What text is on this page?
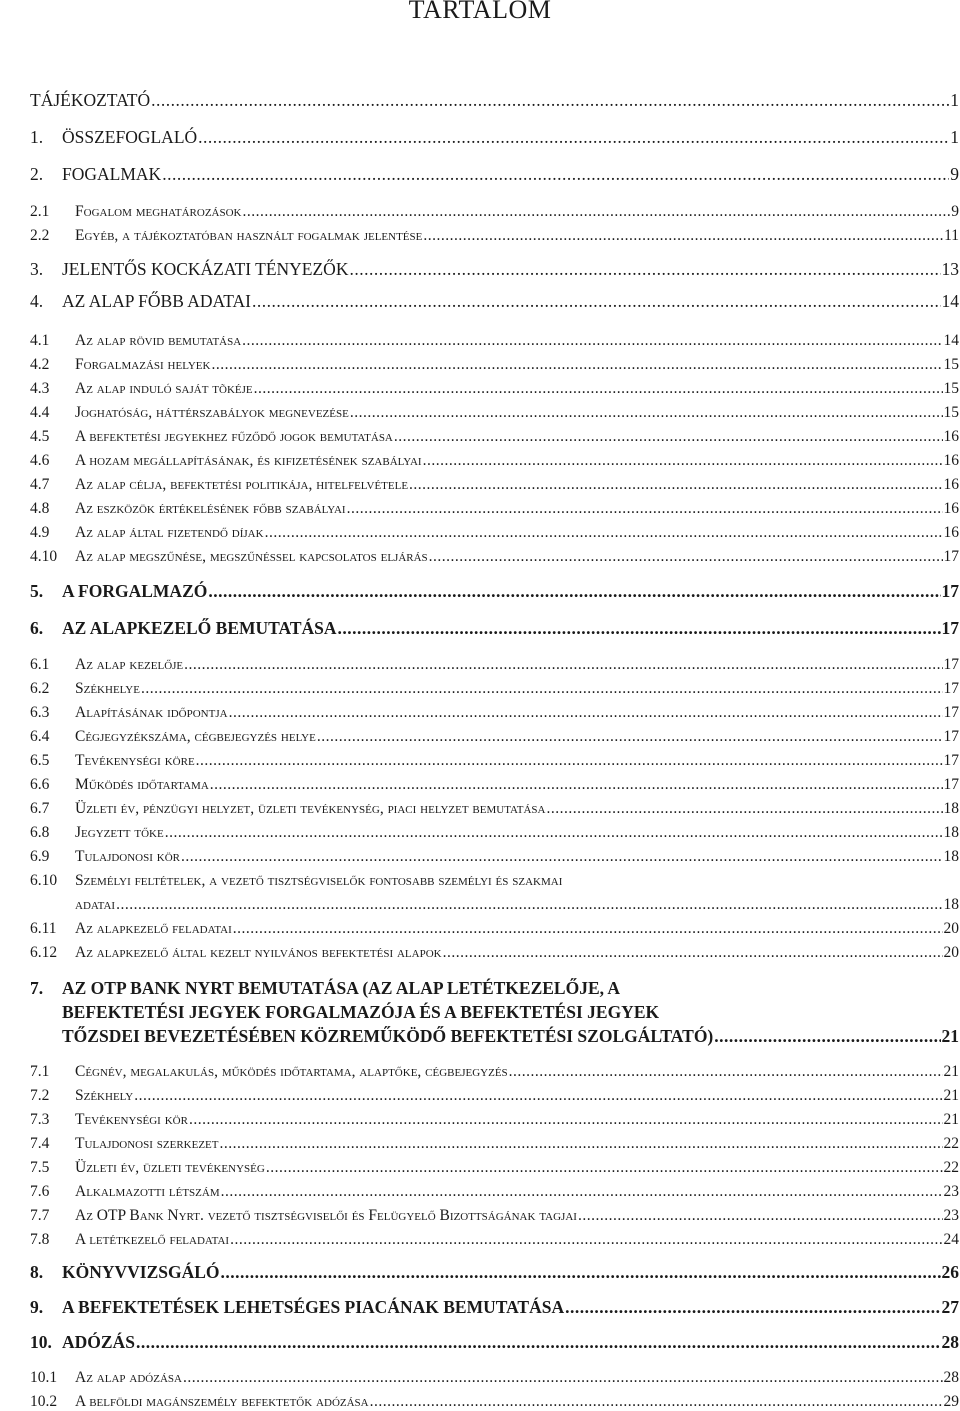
TARTALOM
TÁJÉKOZTATÓ .....	1
1.	ÖSSZEFOGLALÓ .....	1
2.	FOGALMAK .....	9
2.1	Fogalom meghatározások .....	9
2.2	Egyéb, a tájékoztatóban használt fogalmak jelentése .....	11
3.	JELENTŐS KOCKÁZATI TÉNYEZŐK .....	13
4.	AZ ALAP FŐBB ADATAI .....	14
4.1	Az alap rövid bemutatása .....	14
4.2	Forgalmazási helyek .....	15
4.3	Az alap induló saját tõkéje .....	15
4.4	Joghatóság, háttérszabályok megnevezése .....	15
4.5	A befektetési jegyekhez fűződő jogok bemutatása .....	16
4.6	A hozam megállapításának, és kifizetésének szabályai .....	16
4.7	Az alap célja, befektetési politikája, hitelfelvétele .....	16
4.8	Az eszközök értékelésének főbb szabályai .....	16
4.9	Az alap által fizetendő díjak .....	16
4.10	Az alap megszűnése, megszűnéssel kapcsolatos eljárás .....	17
5.	A FORGALMAZÓ .....	17
6.	AZ ALAPKEZELŐ BEMUTATÁSA .....	17
6.1	Az alap kezelője .....	17
6.2	Székhelye .....	17
6.3	Alapításának időpontja .....	17
6.4	Cégjegyzékszáma, cégbejegyzés helye .....	17
6.5	Tevékenységi köre .....	17
6.6	Működés időtartama .....	17
6.7	Üzleti év, pénzügyi helyzet, üzleti tevékenység, piaci helyzet bemutatása .....	18
6.8	Jegyzett tőke .....	18
6.9	Tulajdonosi kör .....	18
6.10	Személyi feltételek, a vezető tisztségviselők fontosabb személyi és szakmai
adatai .....	18
6.11	Az alapkezelő feladatai .....	20
6.12	Az alapkezelő által kezelt nyilvános befektetési alapok .....	20
7.	AZ OTP BANK NYRT BEMUTATÁSA (AZ ALAP LETÉTKEZELŐJE, A
BEFEKTETÉSI JEGYEK FORGALMAZÓJA ÉS A BEFEKTETÉSI JEGYEK
TŐZSDEI BEVEZETÉSÉBEN KÖZREMŰKÖDŐ BEFEKTETÉSI SZOLGÁLTATÓ) .....	21
7.1	Cégnév, megalakulás, működés időtartama, alaptőke, cégbejegyzés .....	21
7.2	Székhely .....	21
7.3	Tevékenységi kör .....	21
7.4	Tulajdonosi szerkezet .....	22
7.5	Üzleti év, üzleti tevékenység .....	22
7.6	Alkalmazotti létszám .....	23
7.7	Az OTP Bank Nyrt. vezető tisztségviselői és Felügyelő Bizottságának tagjai .....	23
7.8	A letétkezelő feladatai .....	24
8.	KÖNYVVIZSGÁLÓ .....	26
9.	A BEFEKTETÉSEK LEHETSÉGES PIACÁNAK BEMUTATÁSA .....	27
10. ADÓZÁS .....	28
10.1	Az alap adózása .....	28
10.2	A belföldi magánszemély befektetők adózása .....	29
